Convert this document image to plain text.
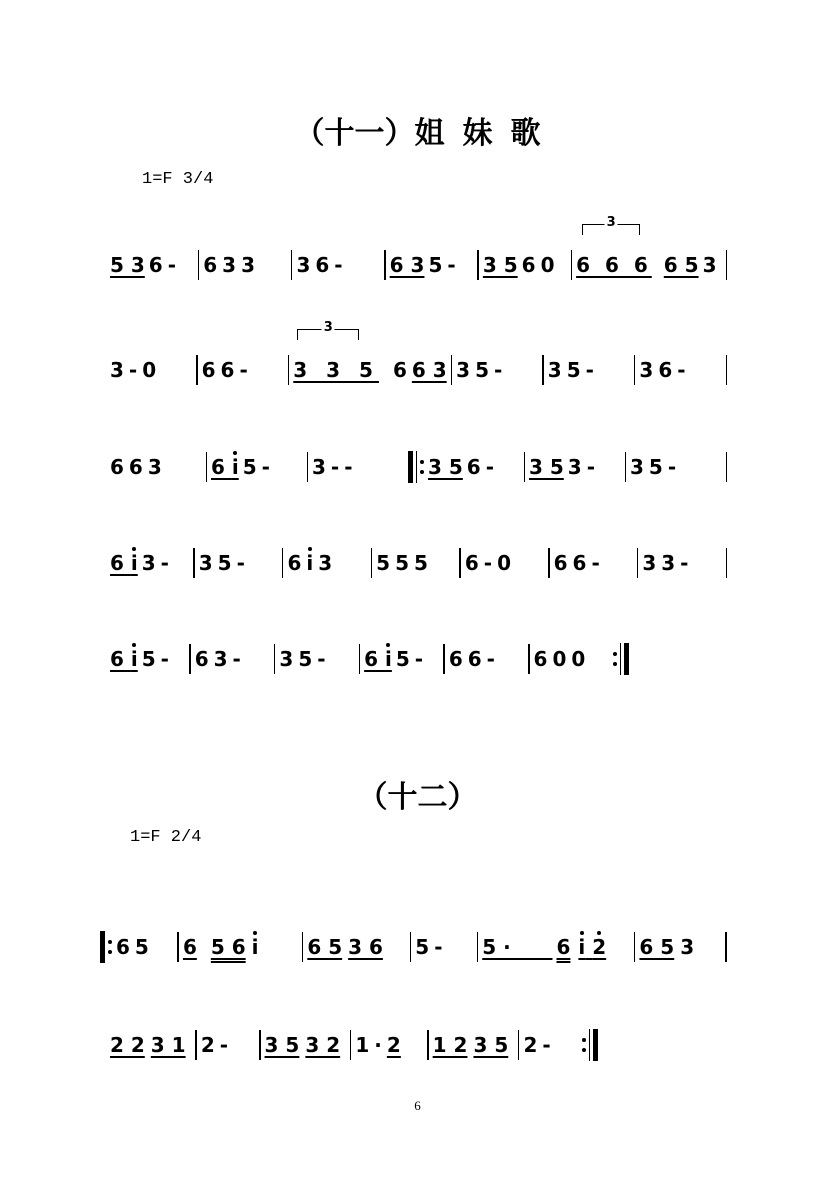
（十一）姐 妹 歌
1=F 3/4
5 3 6 - 6 3 3 3 6 - 6 3 5 - 3 5 6 0
3
6 6 6 6 5 3
3 - 0 6 6 -
3
3 3 5 6 6 3 3 5 - 3 5 - 3 6 -
6 6 3 6 i 5 - 3 - -	3 5 6 - 3 5 3 - 3 5 -
6 i 3 - 3 5 - 6 i 3 5 5 5 6 - 0 6 6 - 3 3 -
6 i 5 - 6 3 - 3 5 - 6 i 5 - 6 6 - 6 0 0
（十二）
1=F 2/4
6 5 6 5 6 i 6 5 3 6 5 - 5 · 6 i 2 6 5 3
2 2 3 1 2 - 3 5 3 2 1 · 2 1 2 3 5 2 -
6
